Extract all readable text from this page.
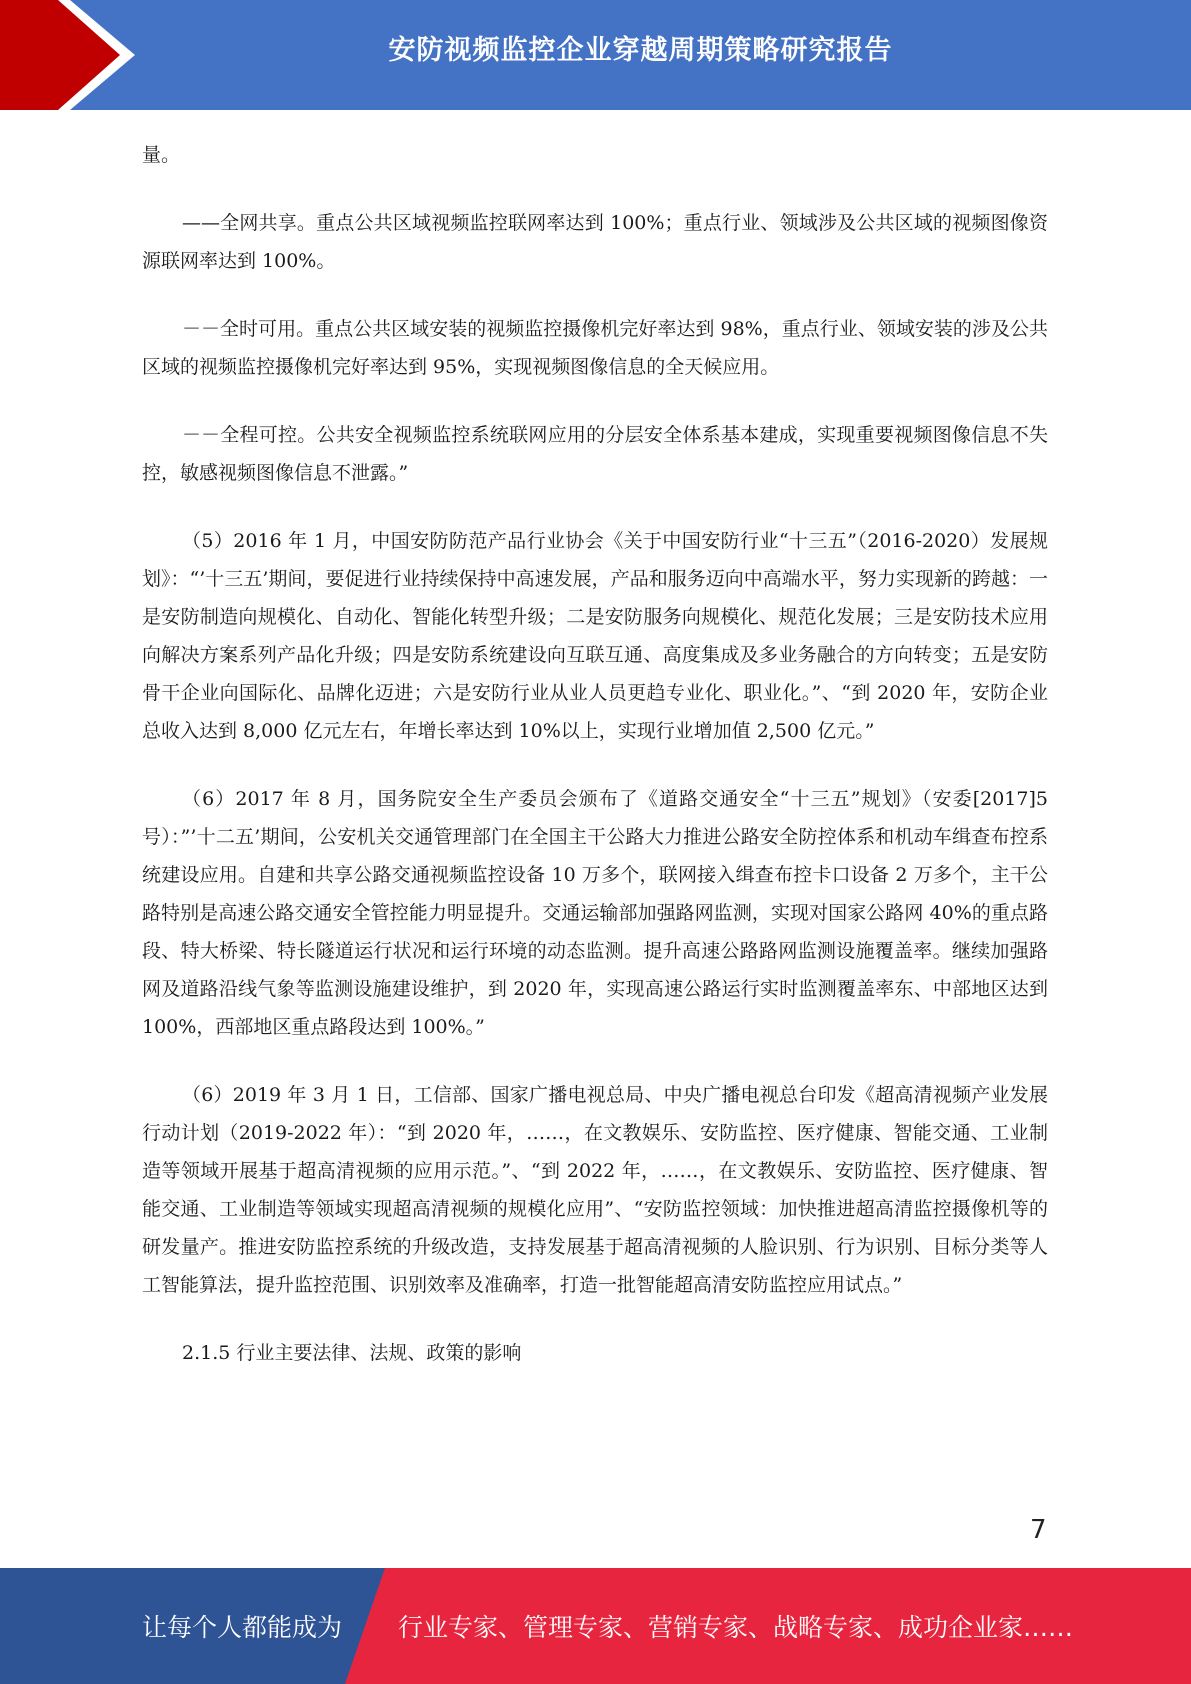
安防视频监控企业穿越周期策略研究报告

量。

——全网共享。重点公共区域视频监控联网率达到 100%；重点行业、领域涉及公共区域的视频图像资源联网率达到 100%。

－－全时可用。重点公共区域安装的视频监控摄像机完好率达到 98%，重点行业、领域安装的涉及公共区域的视频监控摄像机完好率达到 95%，实现视频图像信息的全天候应用。

－－全程可控。公共安全视频监控系统联网应用的分层安全体系基本建成，实现重要视频图像信息不失控，敏感视频图像信息不泄露。”

（5）2016 年 1 月，中国安防防范产品行业协会《关于中国安防行业“十三五”（2016-2020）发展规划》：“’十三五’期间，要促进行业持续保持中高速发展，产品和服务迈向中高端水平，努力实现新的跨越：一是安防制造向规模化、自动化、智能化转型升级；二是安防服务向规模化、规范化发展；三是安防技术应用向解决方案系列产品化升级；四是安防系统建设向互联互通、高度集成及多业务融合的方向转变；五是安防骨干企业向国际化、品牌化迈进；六是安防行业从业人员更趋专业化、职业化。”、“到 2020 年，安防企业总收入达到 8,000 亿元左右，年增长率达到 10%以上，实现行业增加值 2,500 亿元。”

（6）2017 年 8 月，国务院安全生产委员会颁布了《道路交通安全“十三五”规划》（安委[2017]5 号）：”’十二五’期间，公安机关交通管理部门在全国主干公路大力推进公路安全防控体系和机动车缉查布控系统建设应用。自建和共享公路交通视频监控设备 10 万多个，联网接入缉查布控卡口设备 2 万多个，主干公路特别是高速公路交通安全管控能力明显提升。交通运输部加强路网监测，实现对国家公路网 40%的重点路段、特大桥梁、特长隧道运行状况和运行环境的动态监测。提升高速公路路网监测设施覆盖率。继续加强路网及道路沿线气象等监测设施建设维护，到 2020 年，实现高速公路运行实时监测覆盖率东、中部地区达到 100%，西部地区重点路段达到 100%。”

（6）2019 年 3 月 1 日，工信部、国家广播电视总局、中央广播电视总台印发《超高清视频产业发展行动计划（2019-2022 年）：“到 2020 年，……，在文教娱乐、安防监控、医疗健康、智能交通、工业制造等领域开展基于超高清视频的应用示范。”、“到 2022 年，……，在文教娱乐、安防监控、医疗健康、智能交通、工业制造等领域实现超高清视频的规模化应用”、“安防监控领域：加快推进超高清监控摄像机等的研发量产。推进安防监控系统的升级改造，支持发展基于超高清视频的人脸识别、行为识别、目标分类等人工智能算法，提升监控范围、识别效率及准确率，打造一批智能超高清安防监控应用试点。”

2.1.5 行业主要法律、法规、政策的影响

7
让每个人都能成为 行业专家、管理专家、营销专家、战略专家、成功企业家……
